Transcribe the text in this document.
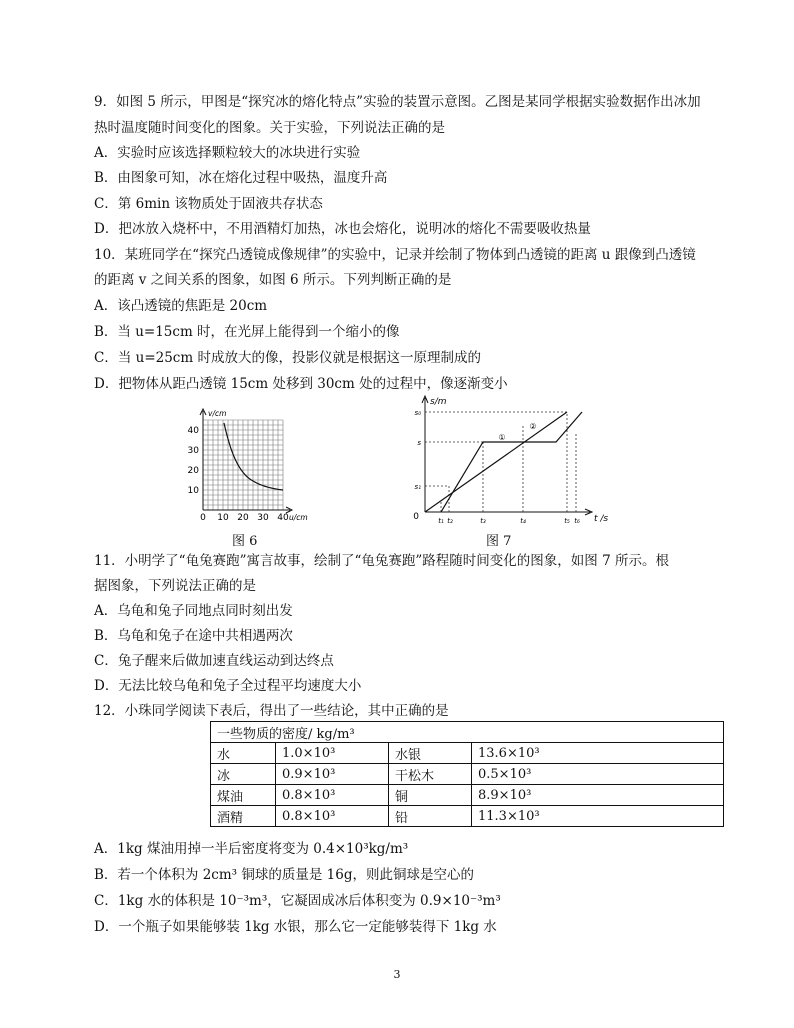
9．如图 5 所示，甲图是“探究冰的熔化特点”实验的装置示意图。乙图是某同学根据实验数据作出冰加
热时温度随时间变化的图象。关于实验，下列说法正确的是
A．实验时应该选择颗粒较大的冰块进行实验
B．由图象可知，冰在熔化过程中吸热，温度升高
C．第 6min 该物质处于固液共存状态
D．把冰放入烧杯中，不用酒精灯加热，冰也会熔化，说明冰的熔化不需要吸收热量
10．某班同学在“探究凸透镜成像规律”的实验中，记录并绘制了物体到凸透镜的距离 u 跟像到凸透镜
的距离 v 之间关系的图象，如图 6 所示。下列判断正确的是
A．该凸透镜的焦距是 20cm
B．当 u=15cm 时，在光屏上能得到一个缩小的像
C．当 u=25cm 时成放大的像，投影仪就是根据这一原理制成的
D．把物体从距凸透镜 15cm 处移到 30cm 处的过程中，像逐渐变小
v/cm
40
30
20
10
0 10 20 30 40 u/cm
图 6
s/m
s₀
s
s₁
0	t₁ t₂	t₃	t₄	t₅ t₆ t /s
①
②
图 7
11．小明学了“龟兔赛跑”寓言故事，绘制了“龟兔赛跑”路程随时间变化的图象，如图 7 所示。根
据图象，下列说法正确的是
A．乌龟和兔子同地点同时刻出发
B．乌龟和兔子在途中共相遇两次
C．兔子醒来后做加速直线运动到达终点
D．无法比较乌龟和兔子全过程平均速度大小
12．小珠同学阅读下表后，得出了一些结论，其中正确的是
一些物质的密度/ kg/m³			
水	1.0×10³	水银	13.6×10³
冰	0.9×10³	干松木	0.5×10³
煤油	0.8×10³	铜	8.9×10³
酒精	0.8×10³	铅	11.3×10³
A．1kg 煤油用掉一半后密度将变为 0.4×10³kg/m³
B．若一个体积为 2cm³ 铜球的质量是 16g，则此铜球是空心的
C．1kg 水的体积是 10⁻³m³，它凝固成冰后体积变为 0.9×10⁻³m³
D．一个瓶子如果能够装 1kg 水银，那么它一定能够装得下 1kg 水
3
